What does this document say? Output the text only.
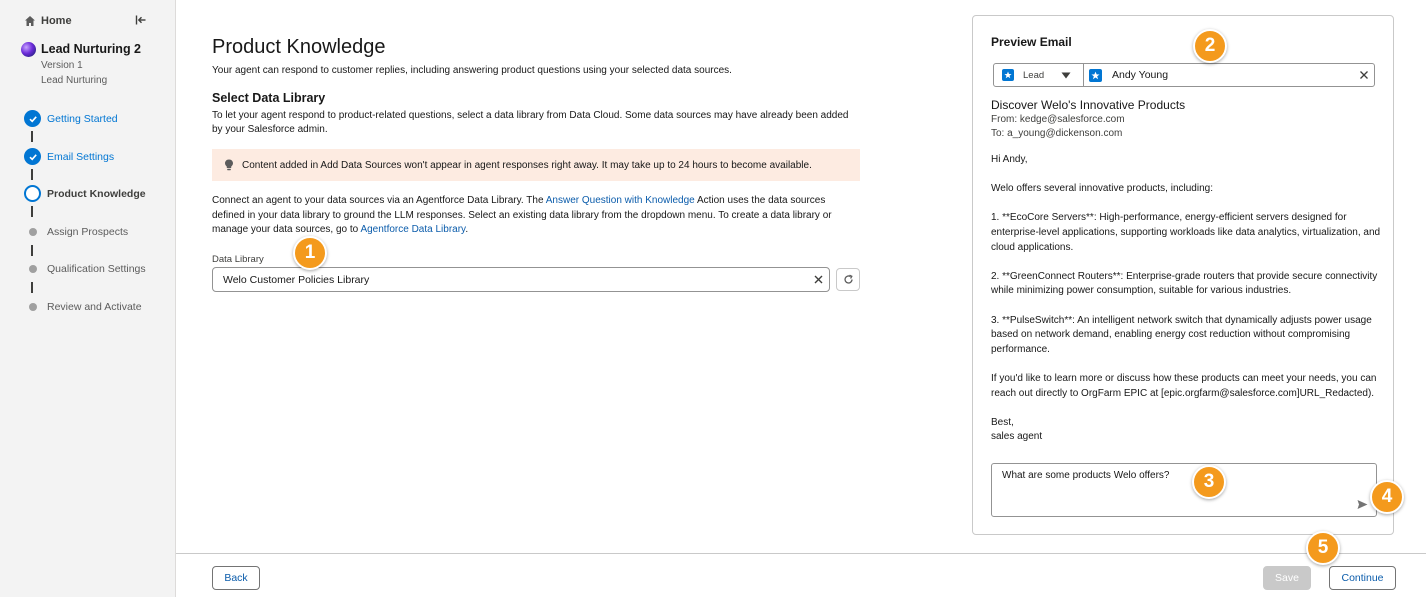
Home
Lead Nurturing 2
Version 1
Lead Nurturing
Getting Started
Email Settings
Product Knowledge
Assign Prospects
Qualification Settings
Review and Activate
Product Knowledge
Your agent can respond to customer replies, including answering product questions using your selected data sources.
Select Data Library
To let your agent respond to product-related questions, select a data library from Data Cloud. Some data sources may have already been added by your Salesforce admin.
Content added in Add Data Sources won't appear in agent responses right away. It may take up to 24 hours to become available.
Connect an agent to your data sources via an Agentforce Data Library. The Answer Question with Knowledge Action uses the data sources defined in your data library to ground the LLM responses. Select an existing data library from the dropdown menu. To create a data library or manage your data sources, go to Agentforce Data Library.
Data Library
Welo Customer Policies Library
Preview Email
Lead	Andy Young
Discover Welo's Innovative Products
From: kedge@salesforce.com
To: a_young@dickenson.com

Hi Andy,

Welo offers several innovative products, including:

1. **EcoCore Servers**: High-performance, energy-efficient servers designed for enterprise-level applications, supporting workloads like data analytics, virtualization, and cloud applications.

2. **GreenConnect Routers**: Enterprise-grade routers that provide secure connectivity while minimizing power consumption, suitable for various industries.

3. **PulseSwitch**: An intelligent network switch that dynamically adjusts power usage based on network demand, enabling energy cost reduction without compromising performance.

If you'd like to learn more or discuss how these products can meet your needs, you can reach out directly to OrgFarm EPIC at [epic.orgfarm@salesforce.com]URL_Redacted).

Best,

sales agent

What are some products Welo offers?
Back	Save	Continue
1
2
3
4
5
